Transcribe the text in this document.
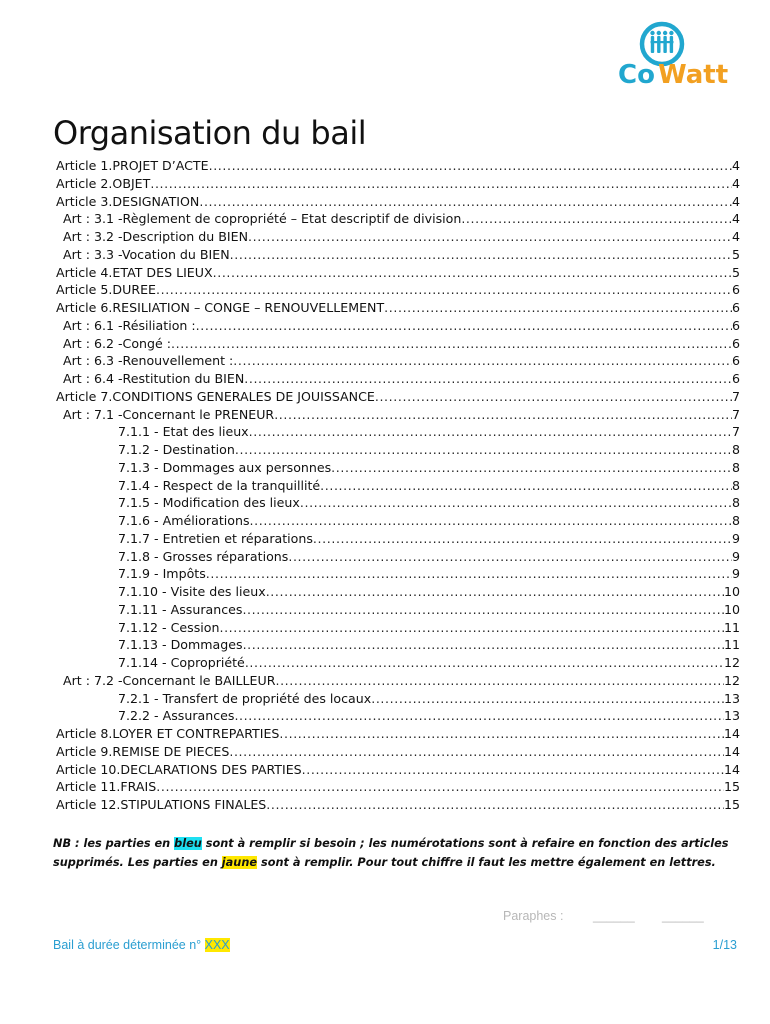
Co Watt
Organisation du bail
Article 1.PROJET D’ACTE .....	4
Article 2.OBJET .....	4
Article 3.DESIGNATION .....	4
Art : 3.1 -Règlement de copropriété – Etat descriptif de division .....	4
Art : 3.2 -Description du BIEN .....	4
Art : 3.3 -Vocation du BIEN .....	5
Article 4.ETAT DES LIEUX .....	5
Article 5.DUREE .....	6
Article 6.RESILIATION – CONGE – RENOUVELLEMENT .....	6
Art : 6.1 -Résiliation : .....	6
Art : 6.2 -Congé : .....	6
Art : 6.3 -Renouvellement : .....	6
Art : 6.4 -Restitution du BIEN .....	6
Article 7.CONDITIONS GENERALES DE JOUISSANCE .....	7
Art : 7.1 -Concernant le PRENEUR .....	7
7.1.1 - Etat des lieux .....	7
7.1.2 - Destination .....	8
7.1.3 - Dommages aux personnes .....	8
7.1.4 - Respect de la tranquillité .....	8
7.1.5 - Modification des lieux .....	8
7.1.6 - Améliorations .....	8
7.1.7 - Entretien et réparations .....	9
7.1.8 - Grosses réparations .....	9
7.1.9 - Impôts .....	9
7.1.10 - Visite des lieux .....	10
7.1.11 - Assurances .....	10
7.1.12 - Cession .....	11
7.1.13 - Dommages .....	11
7.1.14 - Copropriété .....	12
Art : 7.2 -Concernant le BAILLEUR .....	12
7.2.1 - Transfert de propriété des locaux .....	13
7.2.2 - Assurances .....	13
Article 8.LOYER ET CONTREPARTIES .....	14
Article 9.REMISE DE PIECES .....	14
Article 10.DECLARATIONS DES PARTIES .....	14
Article 11.FRAIS .....	15
Article 12.STIPULATIONS FINALES .....	15
NB : les parties en bleu sont à remplir si besoin ; les numérotations sont à refaire en fonction des articles supprimés. Les parties en jaune sont à remplir. Pour tout chiffre il faut les mettre également en lettres.
Paraphes : ______ ______
Bail à durée déterminée n° XXX	1/13
